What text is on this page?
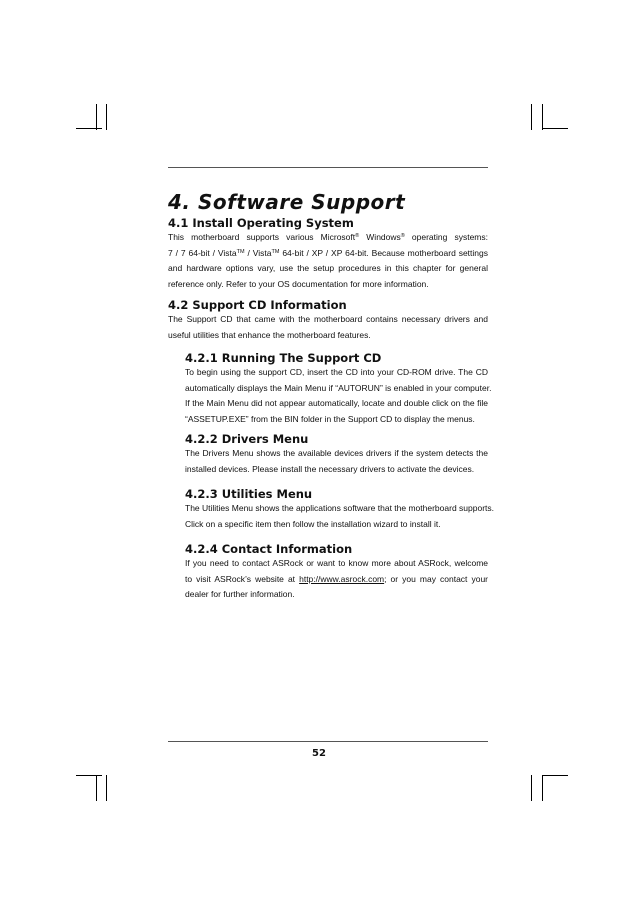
4. Software Support
4.1 Install Operating System
This motherboard supports various Microsoft® Windows® operating systems:
7 / 7 64-bit / Vista™ / Vista™ 64-bit / XP / XP 64-bit. Because motherboard settings
and hardware options vary, use the setup procedures in this chapter for general
reference only. Refer to your OS documentation for more information.
4.2 Support CD Information
The Support CD that came with the motherboard contains necessary drivers and
useful utilities that enhance the motherboard features.
4.2.1 Running The Support CD
To begin using the support CD, insert the CD into your CD-ROM drive. The CD
automatically displays the Main Menu if “AUTORUN” is enabled in your computer.
If the Main Menu did not appear automatically, locate and double click on the file
“ASSETUP.EXE” from the BIN folder in the Support CD to display the menus.
4.2.2 Drivers Menu
The Drivers Menu shows the available devices drivers if the system detects the
installed devices. Please install the necessary drivers to activate the devices.
4.2.3 Utilities Menu
The Utilities Menu shows the applications software that the motherboard supports.
Click on a specific item then follow the installation wizard to install it.
4.2.4 Contact Information
If you need to contact ASRock or want to know more about ASRock, welcome
to visit ASRock’s website at http://www.asrock.com; or you may contact your
dealer for further information.

52
